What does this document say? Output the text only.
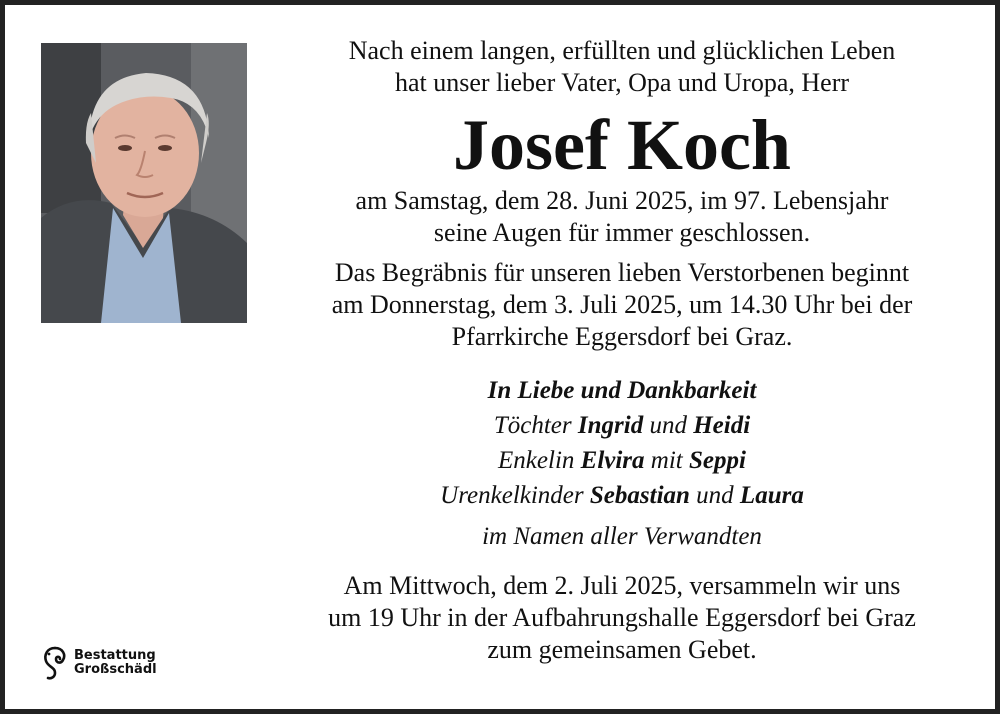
Nach einem langen, erfüllten und glücklichen Leben
hat unser lieber Vater, Opa und Uropa, Herr
Josef Koch
am Samstag, dem 28. Juni 2025, im 97. Lebensjahr
seine Augen für immer geschlossen.
Das Begräbnis für unseren lieben Verstorbenen beginnt
am Donnerstag, dem 3. Juli 2025, um 14.30 Uhr bei der
Pfarrkirche Eggersdorf bei Graz.
In Liebe und Dankbarkeit
Töchter Ingrid und Heidi
Enkelin Elvira mit Seppi
Urenkelkinder Sebastian und Laura
im Namen aller Verwandten
Am Mittwoch, dem 2. Juli 2025, versammeln wir uns
um 19 Uhr in der Aufbahrungshalle Eggersdorf bei Graz
zum gemeinsamen Gebet.
Bestattung
Großschädl
